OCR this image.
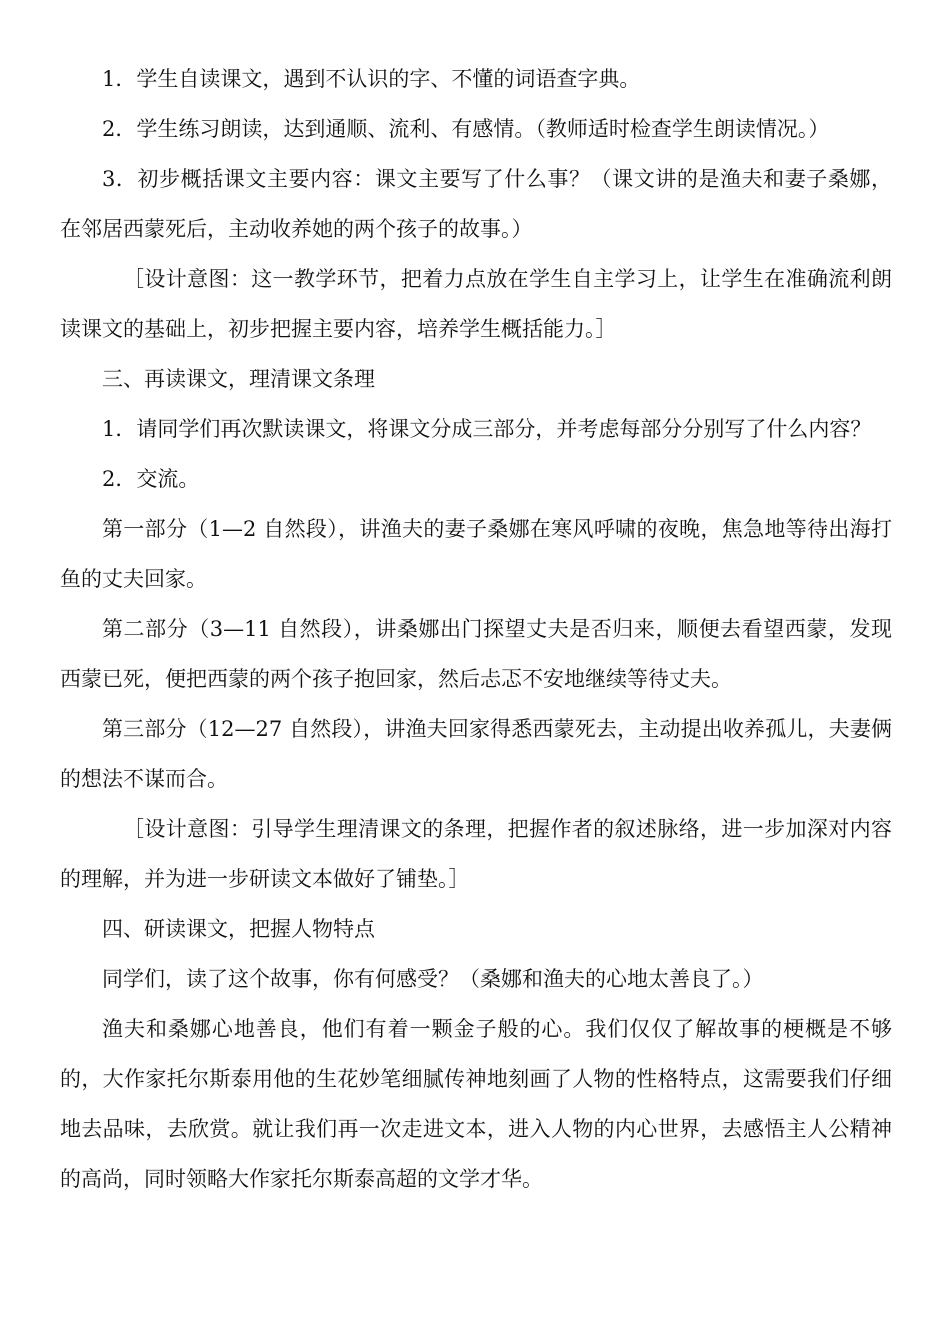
1．学生自读课文，遇到不认识的字、不懂的词语查字典。

2．学生练习朗读，达到通顺、流利、有感情。（教师适时检查学生朗读情况。）

3．初步概括课文主要内容：课文主要写了什么事？（课文讲的是渔夫和妻子桑娜，在邻居西蒙死后，主动收养她的两个孩子的故事。）

［设计意图：这一教学环节，把着力点放在学生自主学习上，让学生在准确流利朗读课文的基础上，初步把握主要内容，培养学生概括能力。］

三、再读课文，理清课文条理

1．请同学们再次默读课文，将课文分成三部分，并考虑每部分分别写了什么内容？

2．交流。

第一部分（1—2 自然段），讲渔夫的妻子桑娜在寒风呼啸的夜晚，焦急地等待出海打鱼的丈夫回家。

第二部分（3—11 自然段），讲桑娜出门探望丈夫是否归来，顺便去看望西蒙，发现西蒙已死，便把西蒙的两个孩子抱回家，然后忐忑不安地继续等待丈夫。

第三部分（12—27 自然段），讲渔夫回家得悉西蒙死去，主动提出收养孤儿，夫妻俩的想法不谋而合。

［设计意图：引导学生理清课文的条理，把握作者的叙述脉络，进一步加深对内容的理解，并为进一步研读文本做好了铺垫。］

四、研读课文，把握人物特点

同学们，读了这个故事，你有何感受？（桑娜和渔夫的心地太善良了。）

渔夫和桑娜心地善良，他们有着一颗金子般的心。我们仅仅了解故事的梗概是不够的，大作家托尔斯泰用他的生花妙笔细腻传神地刻画了人物的性格特点，这需要我们仔细地去品味，去欣赏。就让我们再一次走进文本，进入人物的内心世界，去感悟主人公精神的高尚，同时领略大作家托尔斯泰高超的文学才华。
